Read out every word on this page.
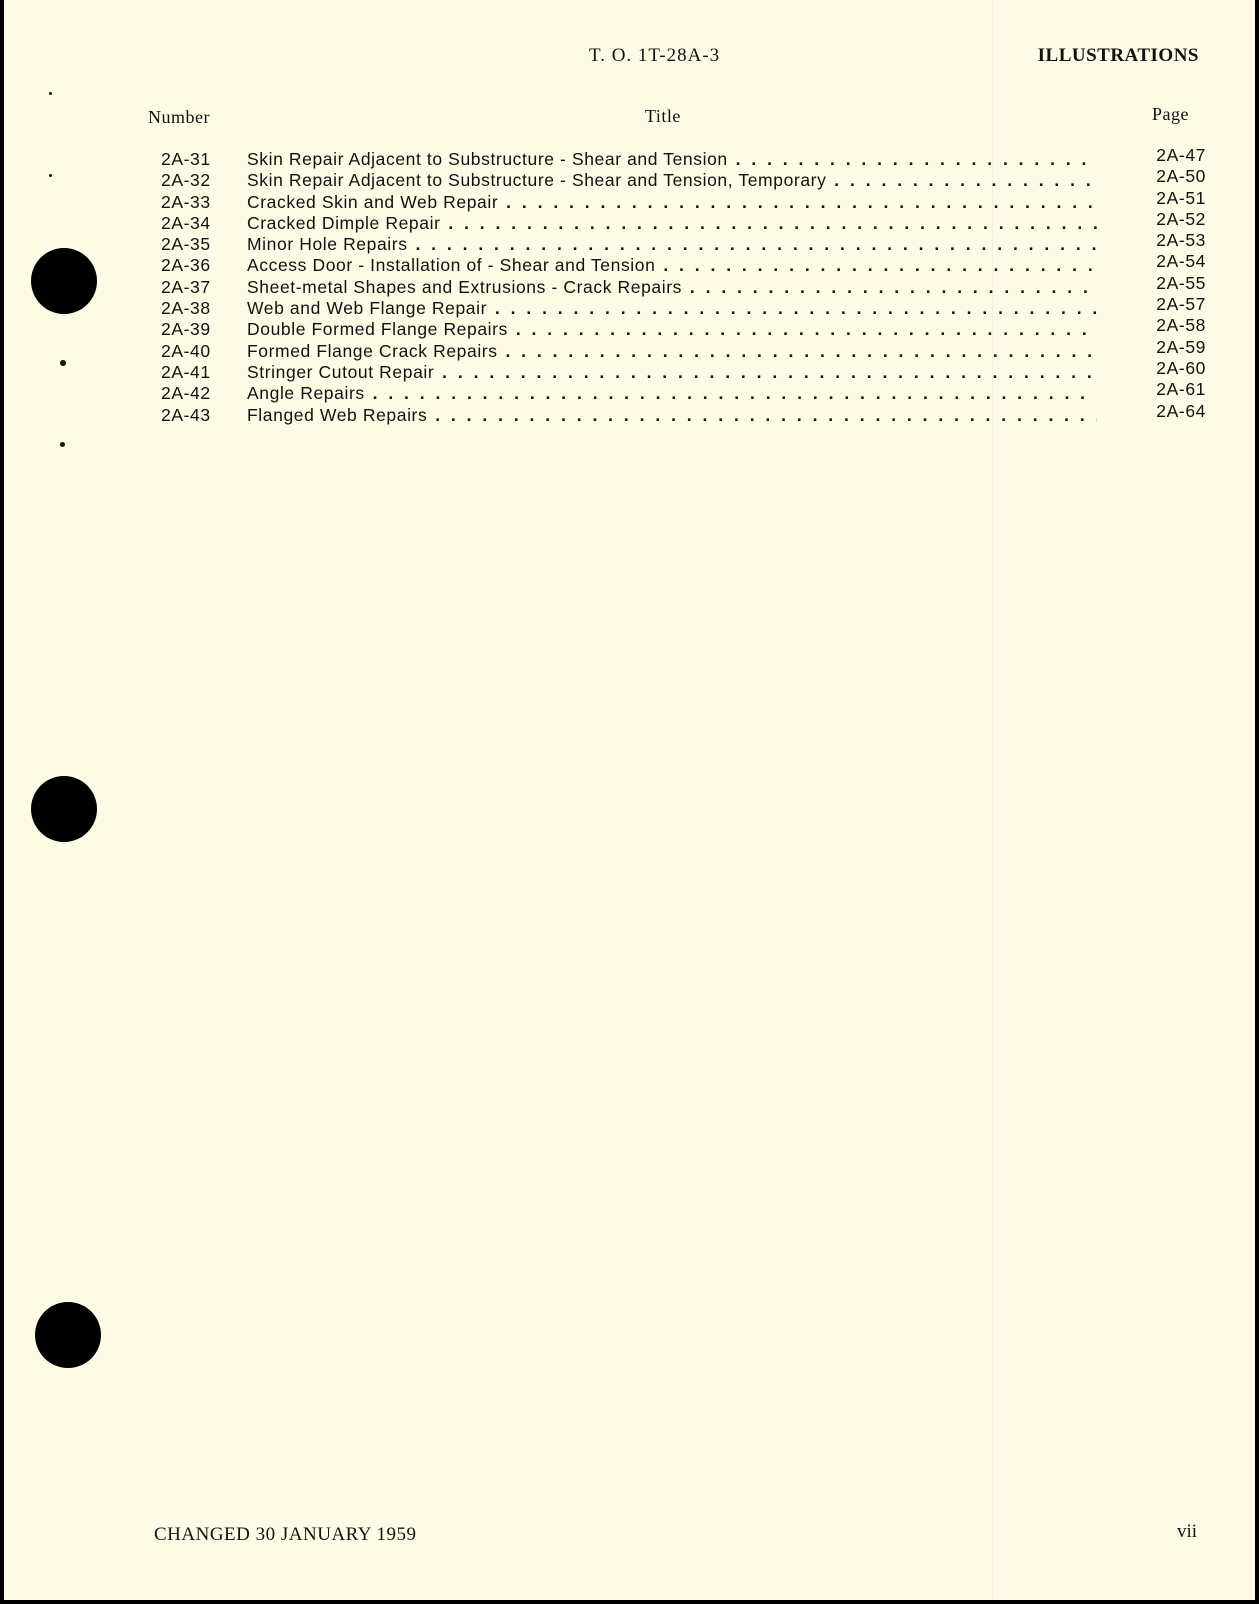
T. O. 1T-28A-3	ILLUSTRATIONS
Number	Title	Page
2A-31 Skin Repair Adjacent to Substructure - Shear and Tension . . .	2A-47
2A-32 Skin Repair Adjacent to Substructure - Shear and Tension, Temporary . . .	2A-50
2A-33 Cracked Skin and Web Repair . . .	2A-51
2A-34 Cracked Dimple Repair . . .	2A-52
2A-35 Minor Hole Repairs . . .	2A-53
2A-36 Access Door - Installation of - Shear and Tension . . .	2A-54
2A-37 Sheet-metal Shapes and Extrusions - Crack Repairs . . .	2A-55
2A-38 Web and Web Flange Repair . . .	2A-57
2A-39 Double Formed Flange Repairs . . .	2A-58
2A-40 Formed Flange Crack Repairs . . .	2A-59
2A-41 Stringer Cutout Repair . . .	2A-60
2A-42 Angle Repairs . . .	2A-61
2A-43 Flanged Web Repairs . . .	2A-64
CHANGED 30 JANUARY 1959	vii
